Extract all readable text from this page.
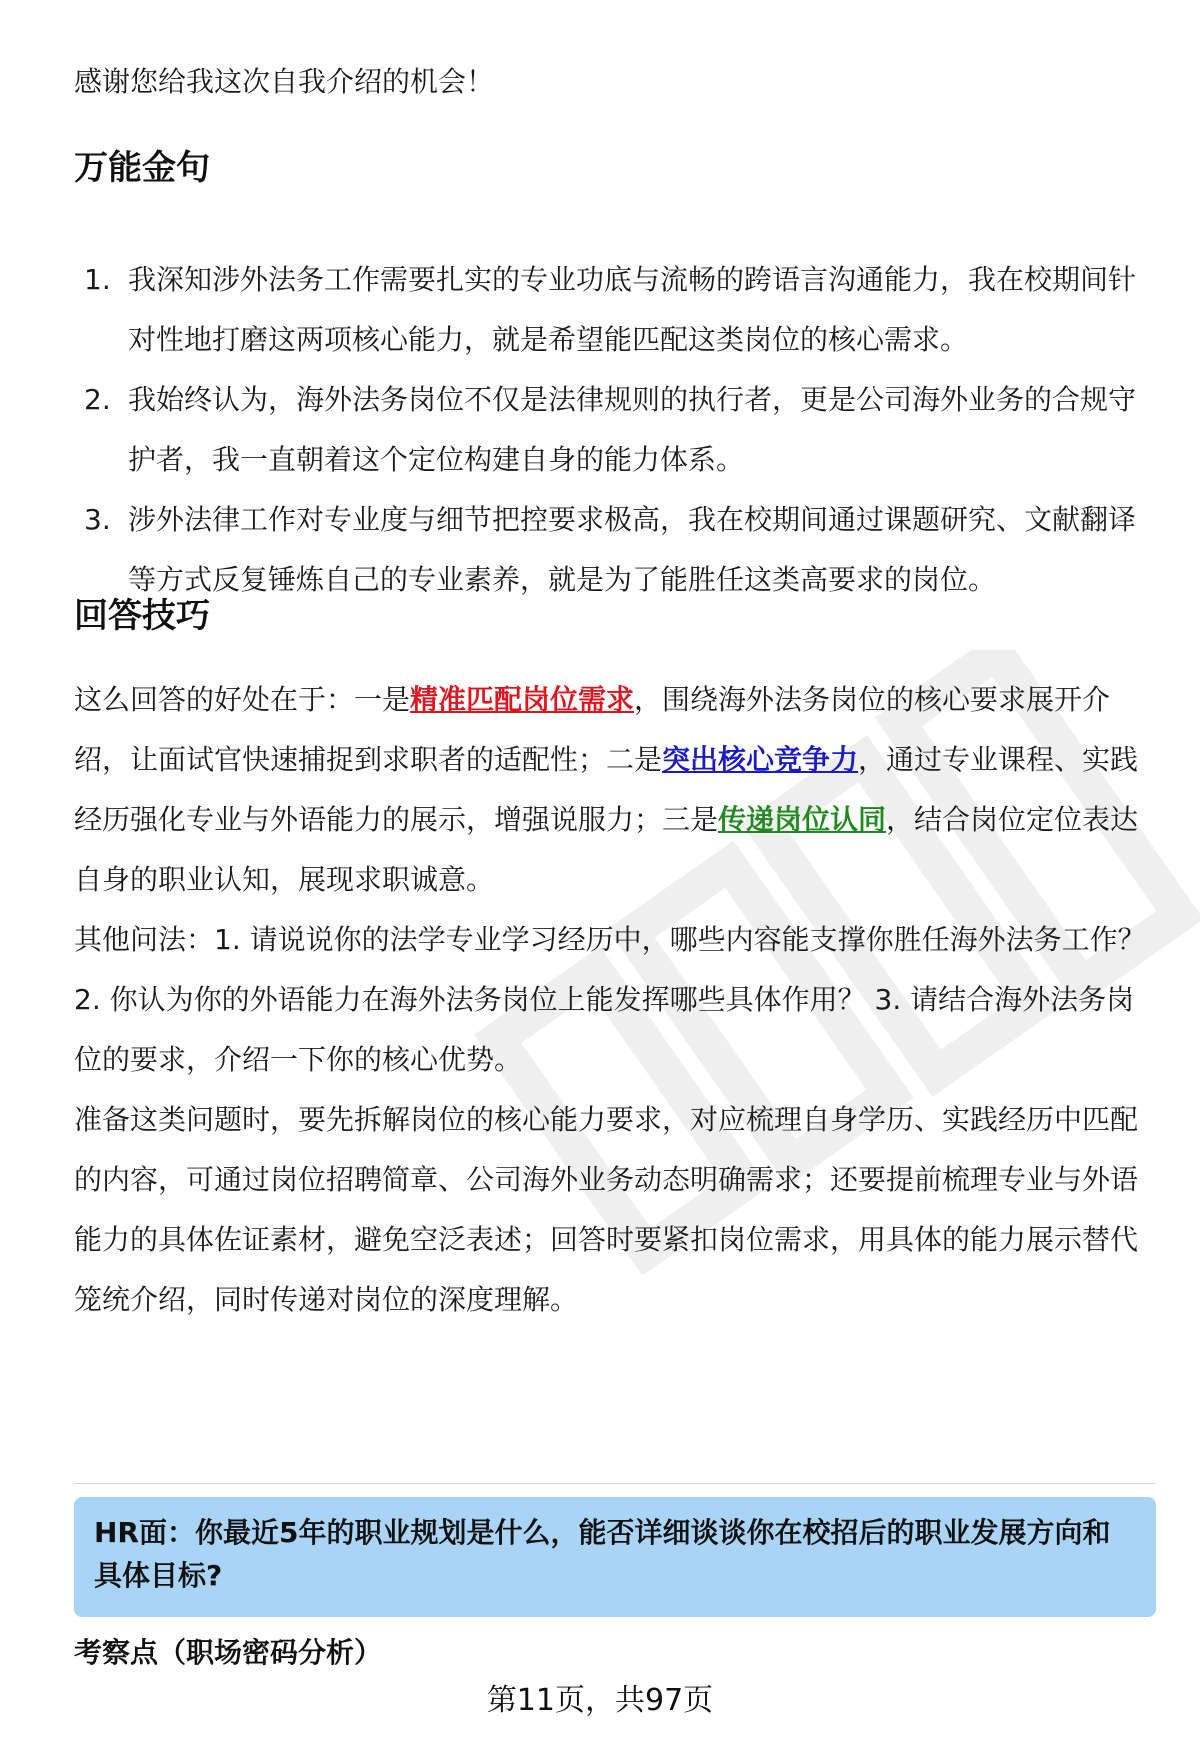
感谢您给我这次自我介绍的机会！
万能金句
1. 我深知涉外法务工作需要扎实的专业功底与流畅的跨语言沟通能力，我在校期间针对性地打磨这两项核心能力，就是希望能匹配这类岗位的核心需求。
2. 我始终认为，海外法务岗位不仅是法律规则的执行者，更是公司海外业务的合规守护者，我一直朝着这个定位构建自身的能力体系。
3. 涉外法律工作对专业度与细节把控要求极高，我在校期间通过课题研究、文献翻译等方式反复锤炼自己的专业素养，就是为了能胜任这类高要求的岗位。
回答技巧
这么回答的好处在于：一是精准匹配岗位需求，围绕海外法务岗位的核心要求展开介绍，让面试官快速捕捉到求职者的适配性；二是突出核心竞争力，通过专业课程、实践经历强化专业与外语能力的展示，增强说服力；三是传递岗位认同，结合岗位定位表达自身的职业认知，展现求职诚意。
其他问法：1. 请说说你的法学专业学习经历中，哪些内容能支撑你胜任海外法务工作？ 2. 你认为你的外语能力在海外法务岗位上能发挥哪些具体作用？ 3. 请结合海外法务岗位的要求，介绍一下你的核心优势。
准备这类问题时，要先拆解岗位的核心能力要求，对应梳理自身学历、实践经历中匹配的内容，可通过岗位招聘简章、公司海外业务动态明确需求；还要提前梳理专业与外语能力的具体佐证素材，避免空泛表述；回答时要紧扣岗位需求，用具体的能力展示替代笼统介绍，同时传递对岗位的深度理解。
HR面：你最近5年的职业规划是什么，能否详细谈谈你在校招后的职业发展方向和具体目标?
考察点（职场密码分析）
第11页，共97页
